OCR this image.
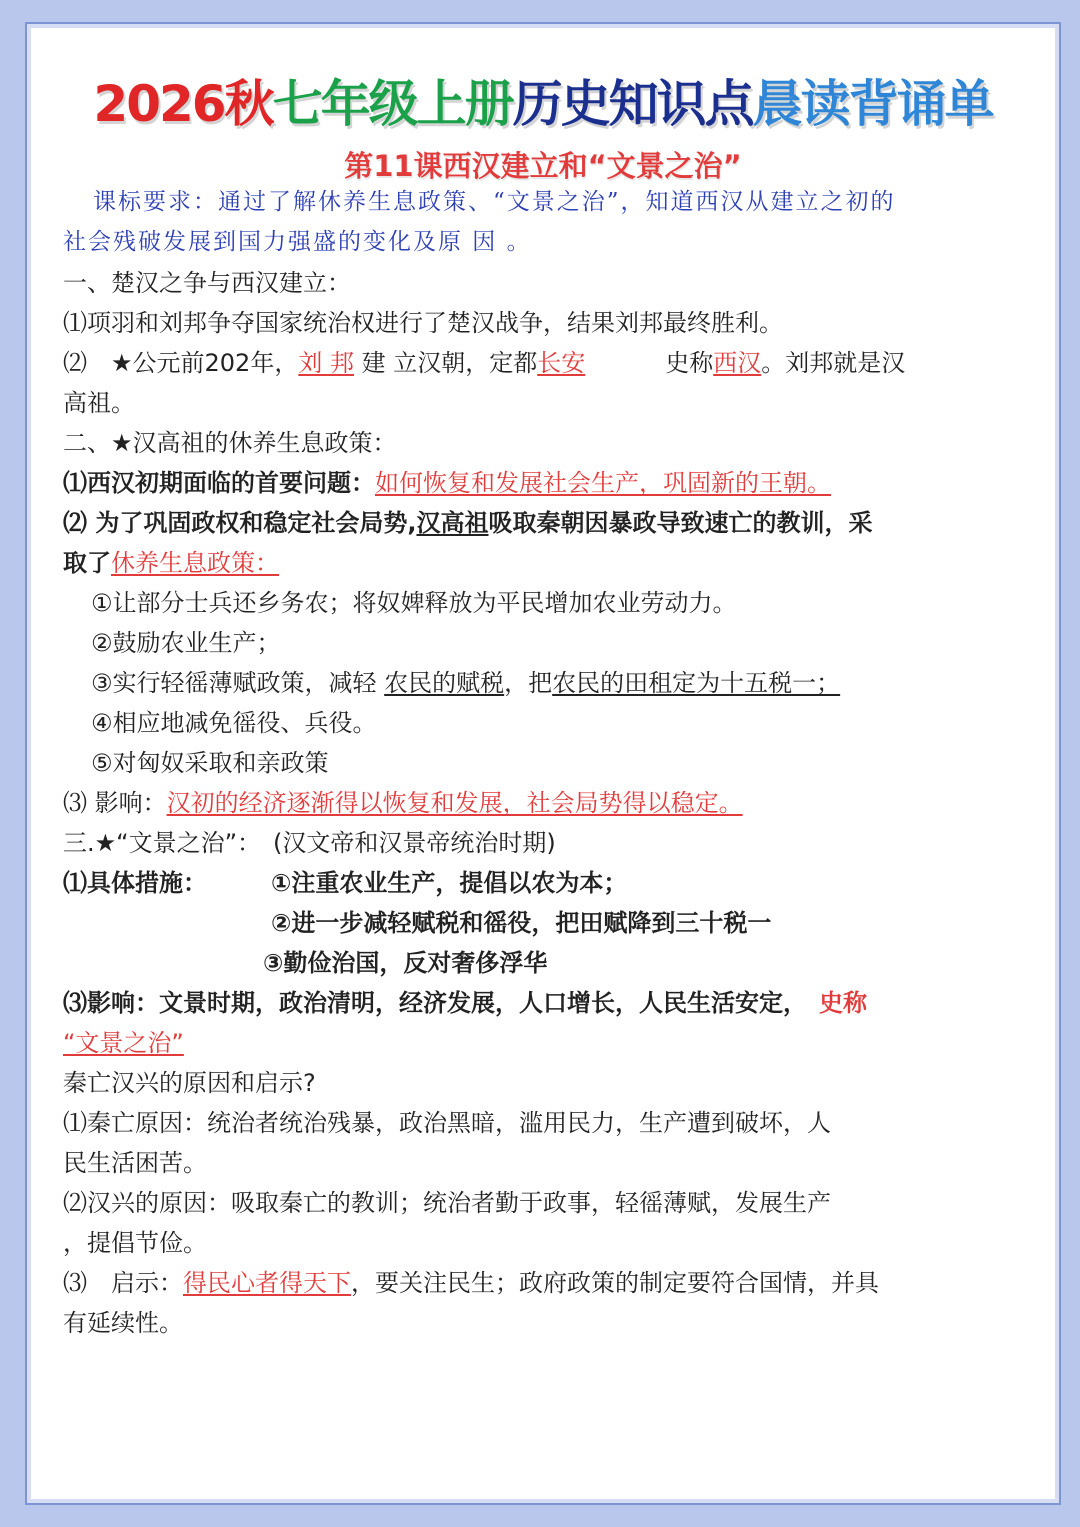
2026秋七年级上册历史知识点晨读背诵单
第11课西汉建立和“文景之治”
课标要求：通过了解休养生息政策、“文景之治”，知道西汉从建立之初的
社会残破发展到国力强盛的变化及原 因 。
一、楚汉之争与西汉建立：
⑴项羽和刘邦争夺国家统治权进行了楚汉战争，结果刘邦最终胜利。
⑵　★公元前202年，刘 邦 建 立汉朝，定都长安	史称西汉。刘邦就是汉
高祖。
二、★汉高祖的休养生息政策：
⑴西汉初期面临的首要问题：如何恢复和发展社会生产，巩固新的王朝。
⑵ 为了巩固政权和稳定社会局势,汉高祖吸取秦朝因暴政导致速亡的教训，采
取了休养生息政策：
①让部分士兵还乡务农；将奴婢释放为平民增加农业劳动力。
②鼓励农业生产；
③实行轻徭薄赋政策，减轻 农民的赋税，把农民的田租定为十五税一；
④相应地减免徭役、兵役。
⑤对匈奴采取和亲政策
⑶ 影响：汉初的经济逐渐得以恢复和发展，社会局势得以稳定。
三.★“文景之治”：　(汉文帝和汉景帝统治时期)
⑴具体措施：	①注重农业生产，提倡以农为本；
②进一步减轻赋税和徭役，把田赋降到三十税一
③勤俭治国，反对奢侈浮华
⑶影响：文景时期，政治清明，经济发展，人口增长，人民生活安定， 史称
“文景之治”
秦亡汉兴的原因和启示?
⑴秦亡原因：统治者统治残暴，政治黑暗，滥用民力，生产遭到破坏，人
民生活困苦。
⑵汉兴的原因：吸取秦亡的教训；统治者勤于政事，轻徭薄赋，发展生产
，提倡节俭。
⑶　启示：得民心者得天下，要关注民生；政府政策的制定要符合国情，并具
有延续性。
